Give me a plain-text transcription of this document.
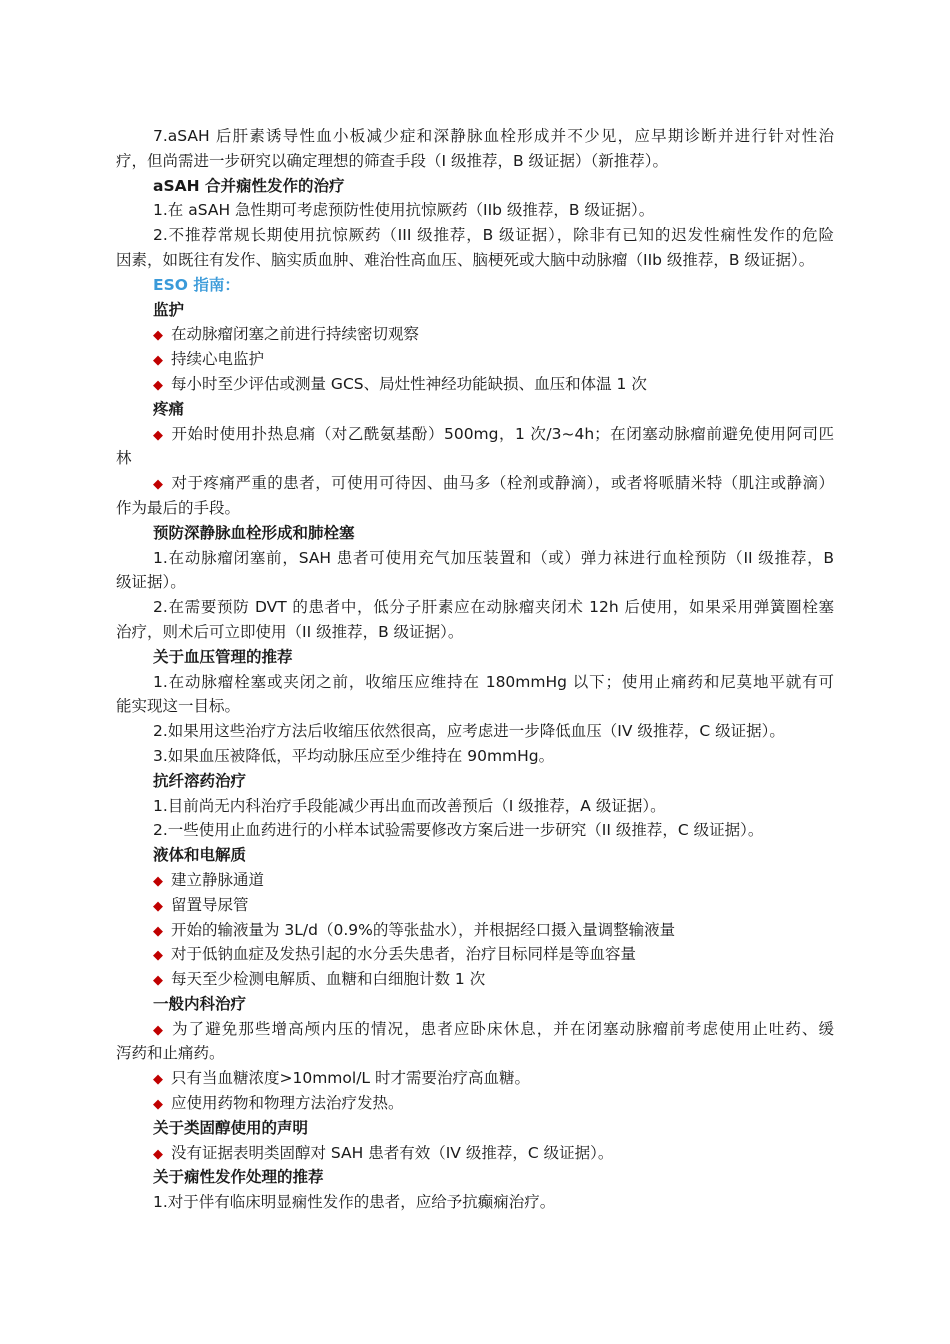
7.aSAH 后肝素诱导性血小板减少症和深静脉血栓形成并不少见，应早期诊断并进行针对性治
疗，但尚需进一步研究以确定理想的筛查手段（I 级推荐，B 级证据）（新推荐）。
aSAH 合并痫性发作的治疗
1.在 aSAH 急性期可考虑预防性使用抗惊厥药（IIb 级推荐，B 级证据）。
2.不推荐常规长期使用抗惊厥药（III 级推荐，B 级证据），除非有已知的迟发性痫性发作的危险
因素，如既往有发作、脑实质血肿、难治性高血压、脑梗死或大脑中动脉瘤（IIb 级推荐，B 级证据）。
ESO 指南：
监护
◆ 在动脉瘤闭塞之前进行持续密切观察
◆ 持续心电监护
◆ 每小时至少评估或测量 GCS、局灶性神经功能缺损、血压和体温 1 次
疼痛
◆ 开始时使用扑热息痛（对乙酰氨基酚）500mg，1 次/3~4h；在闭塞动脉瘤前避免使用阿司匹
林
◆ 对于疼痛严重的患者，可使用可待因、曲马多（栓剂或静滴），或者将哌腈米特（肌注或静滴）
作为最后的手段。
预防深静脉血栓形成和肺栓塞
1.在动脉瘤闭塞前，SAH 患者可使用充气加压装置和（或）弹力袜进行血栓预防（II 级推荐，B
级证据）。
2.在需要预防 DVT 的患者中，低分子肝素应在动脉瘤夹闭术 12h 后使用，如果采用弹簧圈栓塞
治疗，则术后可立即使用（II 级推荐，B 级证据）。
关于血压管理的推荐
1.在动脉瘤栓塞或夹闭之前，收缩压应维持在 180mmHg 以下；使用止痛药和尼莫地平就有可
能实现这一目标。
2.如果用这些治疗方法后收缩压依然很高，应考虑进一步降低血压（IV 级推荐，C 级证据）。
3.如果血压被降低，平均动脉压应至少维持在 90mmHg。
抗纤溶药治疗
1.目前尚无内科治疗手段能减少再出血而改善预后（I 级推荐，A 级证据）。
2.一些使用止血药进行的小样本试验需要修改方案后进一步研究（II 级推荐，C 级证据）。
液体和电解质
◆ 建立静脉通道
◆ 留置导尿管
◆ 开始的输液量为 3L/d（0.9%的等张盐水），并根据经口摄入量调整输液量
◆ 对于低钠血症及发热引起的水分丢失患者，治疗目标同样是等血容量
◆ 每天至少检测电解质、血糖和白细胞计数 1 次
一般内科治疗
◆ 为了避免那些增高颅内压的情况，患者应卧床休息，并在闭塞动脉瘤前考虑使用止吐药、缓
泻药和止痛药。
◆ 只有当血糖浓度>10mmol/L 时才需要治疗高血糖。
◆ 应使用药物和物理方法治疗发热。
关于类固醇使用的声明
◆ 没有证据表明类固醇对 SAH 患者有效（IV 级推荐，C 级证据）。
关于痫性发作处理的推荐
1.对于伴有临床明显痫性发作的患者，应给予抗癫痫治疗。
